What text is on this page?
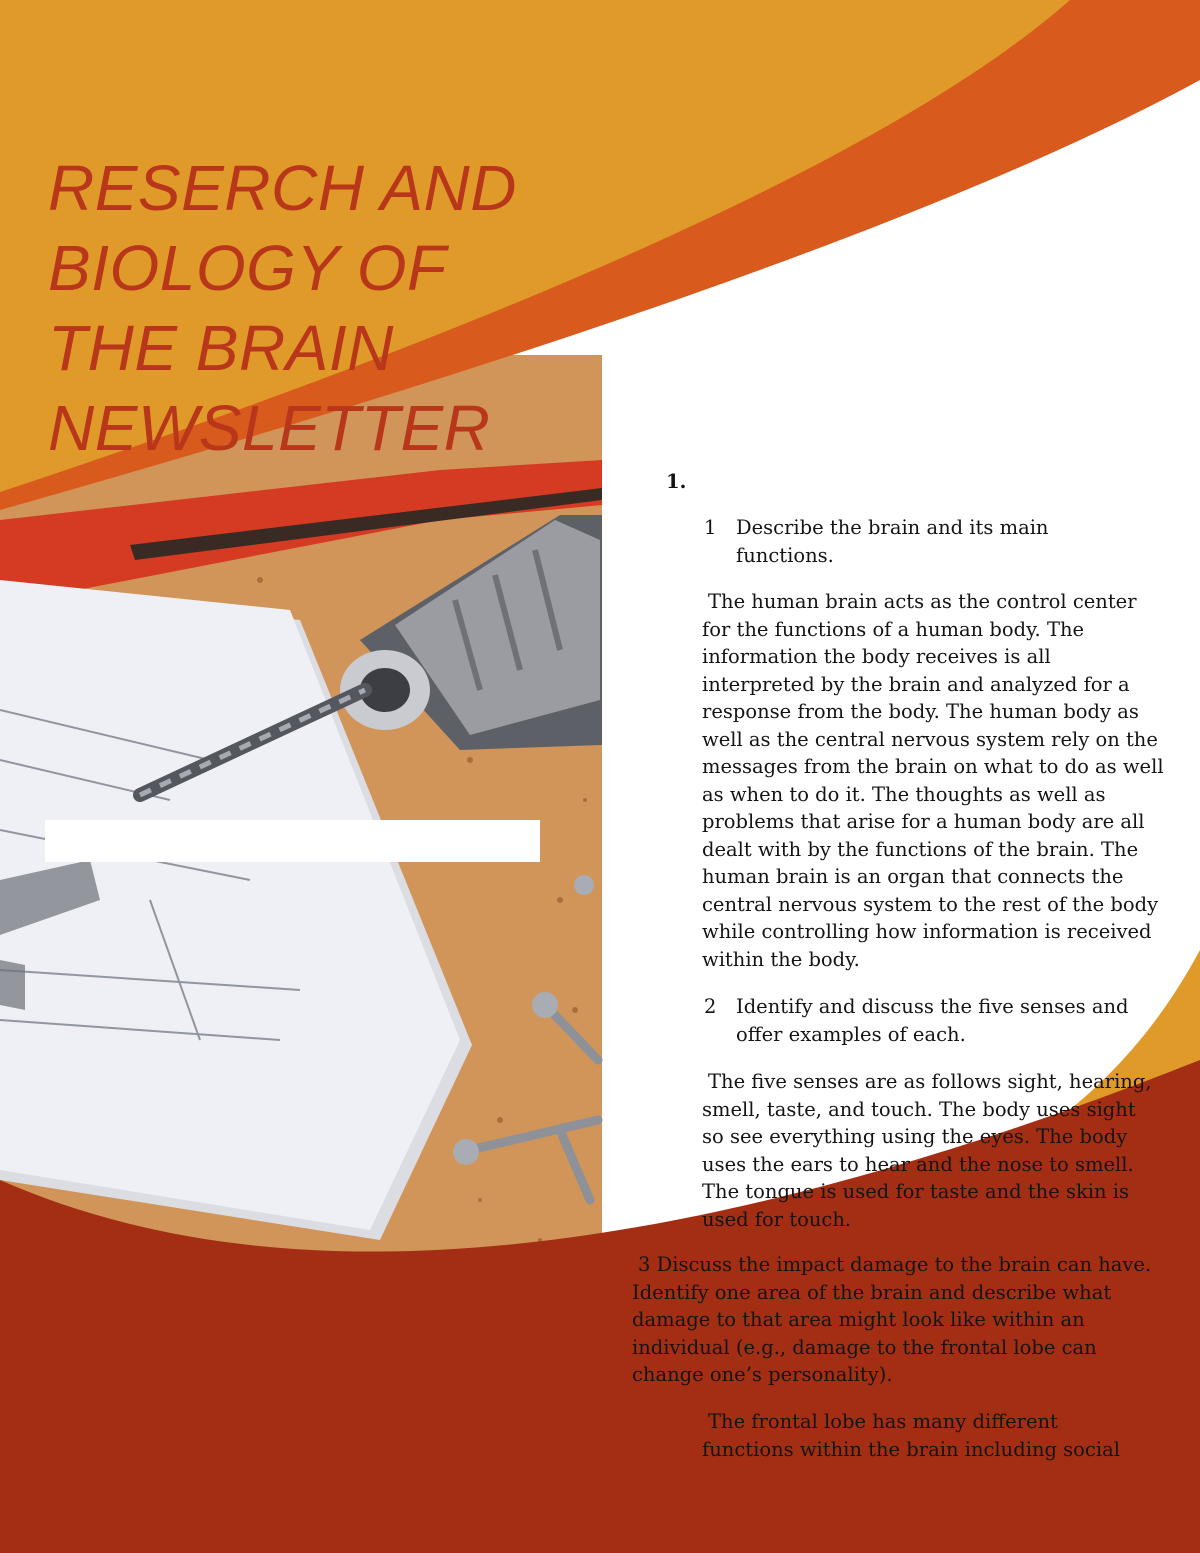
RESERCH AND
BIOLOGY OF
THE BRAIN
NEWSLETTER
1.
1 Describe the brain and its main functions.
The human brain acts as the control center for the functions of a human body. The information the body receives is all interpreted by the brain and analyzed for a response from the body. The human body as well as the central nervous system rely on the messages from the brain on what to do as well as when to do it. The thoughts as well as problems that arise for a human body are all dealt with by the functions of the brain. The human brain is an organ that connects the central nervous system to the rest of the body while controlling how information is received within the body.
2 Identify and discuss the five senses and offer examples of each.
The five senses are as follows sight, hearing, smell, taste, and touch. The body uses sight so see everything using the eyes. The body uses the ears to hear and the nose to smell. The tongue is used for taste and the skin is used for touch.
3 Discuss the impact damage to the brain can have. Identify one area of the brain and describe what damage to that area might look like within an individual (e.g., damage to the frontal lobe can change one’s personality).
The frontal lobe has many different functions within the brain including social
